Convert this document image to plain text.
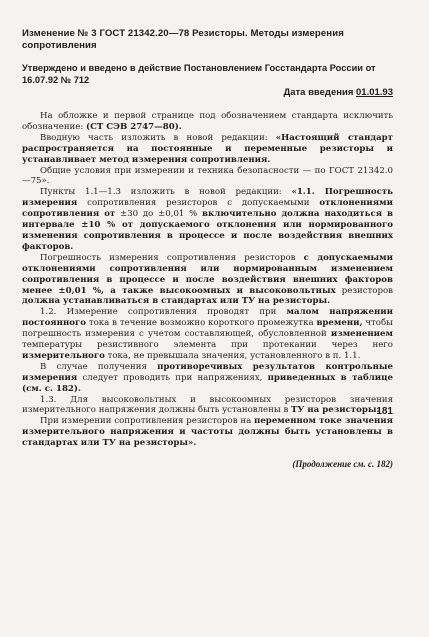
Изменение № 3 ГОСТ 21342.20—78 Резисторы. Методы измерения сопротивления

Утверждено и введено в действие Постановлением Госстандарта России от 16.07.92 № 712

Дата введения 01.01.93

На обложке и первой странице под обозначением стандарта исключить обозначение: (СТ СЭВ 2747—80).

Вводную часть изложить в новой редакции: «Настоящий стандарт распространяется на постоянные и переменные резисторы и устанавливает метод измерения сопротивления.

Общие условия при измерении и техника безопасности — по ГОСТ 21342.0—75».

Пункты 1.1—1.3 изложить в новой редакции: «1.1. Погрешность измерения сопротивления резисторов с допускаемыми отклонениями сопротивления от ±30 до ±0,01 % включительно должна находиться в интервале ±10 % от допускаемого отклонения или нормированного изменения сопротивления в процессе и после воздействия внешних факторов.

Погрешность измерения сопротивления резисторов с допускаемыми отклонениями сопротивления или нормированным изменением сопротивления в процессе и после воздействия внешних факторов менее ±0,01 %, а также высокоомных и высоковольтных резисторов должна устанавливаться в стандартах или ТУ на резисторы.

1.2. Измерение сопротивления проводят при малом напряжении постоянного тока в течение возможно короткого промежутка времени, чтобы погрешность измерения с учетом составляющей, обусловленной изменением температуры резистивного элемента при протекании через него измерительного тока, не превышала значения, установленного в п. 1.1.

В случае получения противоречивых результатов контрольные измерения следует проводить при напряжениях, приведенных в таблице (см. с. 182).

1.3. Для высоковольтных и высокоомных резисторов значения измерительного напряжения должны быть установлены в ТУ на резисторы.

При измерении сопротивления резисторов на переменном токе значения измерительного напряжения и частоты должны быть установлены в стандартах или ТУ на резисторы».

(Продолжение см. с. 182)
181
